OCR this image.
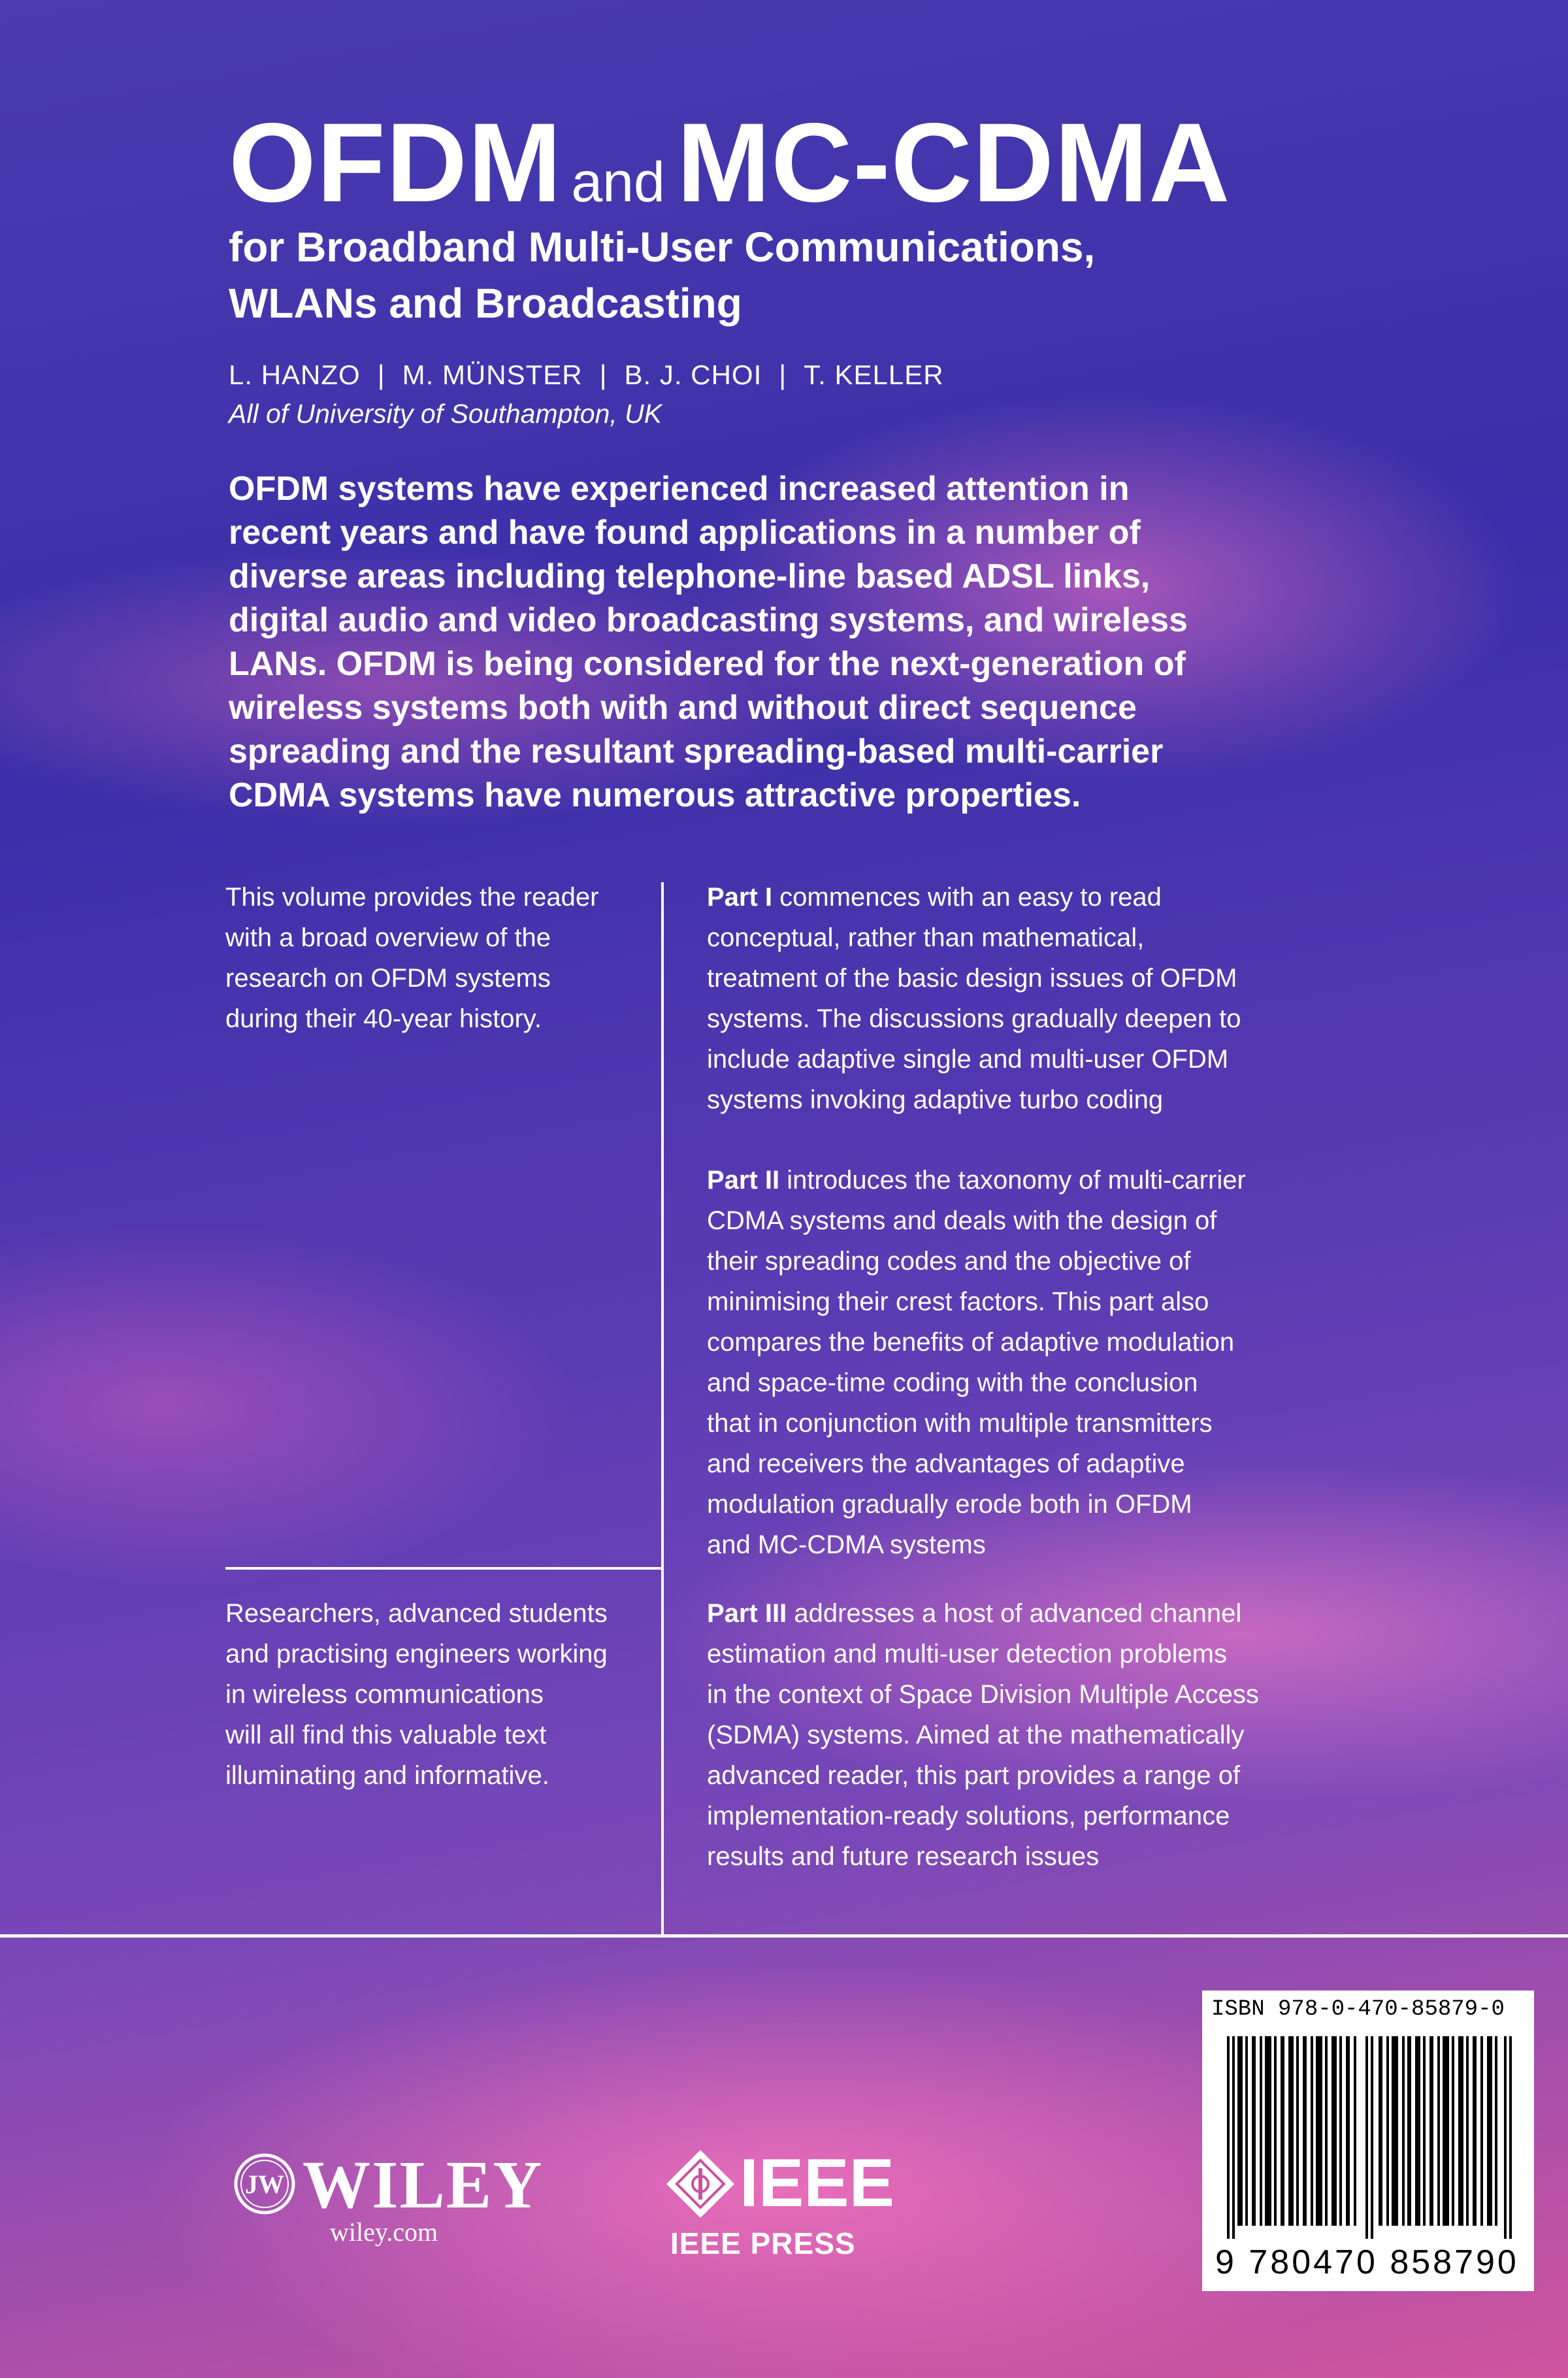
OFDM and MC-CDMA
for Broadband Multi-User Communications,
WLANs and Broadcasting
L. HANZO | M. MÜNSTER | B. J. CHOI | T. KELLER
All of University of Southampton, UK
OFDM systems have experienced increased attention in
recent years and have found applications in a number of
diverse areas including telephone-line based ADSL links,
digital audio and video broadcasting systems, and wireless
LANs. OFDM is being considered for the next-generation of
wireless systems both with and without direct sequence
spreading and the resultant spreading-based multi-carrier
CDMA systems have numerous attractive properties.
This volume provides the reader
with a broad overview of the
research on OFDM systems
during their 40-year history.
Researchers, advanced students
and practising engineers working
in wireless communications
will all find this valuable text
illuminating and informative.
Part I commences with an easy to read
conceptual, rather than mathematical,
treatment of the basic design issues of OFDM
systems. The discussions gradually deepen to
include adaptive single and multi-user OFDM
systems invoking adaptive turbo coding
Part II introduces the taxonomy of multi-carrier
CDMA systems and deals with the design of
their spreading codes and the objective of
minimising their crest factors. This part also
compares the benefits of adaptive modulation
and space-time coding with the conclusion
that in conjunction with multiple transmitters
and receivers the advantages of adaptive
modulation gradually erode both in OFDM
and MC-CDMA systems
Part III addresses a host of advanced channel
estimation and multi-user detection problems
in the context of Space Division Multiple Access
(SDMA) systems. Aimed at the mathematically
advanced reader, this part provides a range of
implementation-ready solutions, performance
results and future research issues
ISBN 978-0-470-85879-0
9 780470 858790
JW WILEY
wiley.com
IEEE
IEEE PRESS
